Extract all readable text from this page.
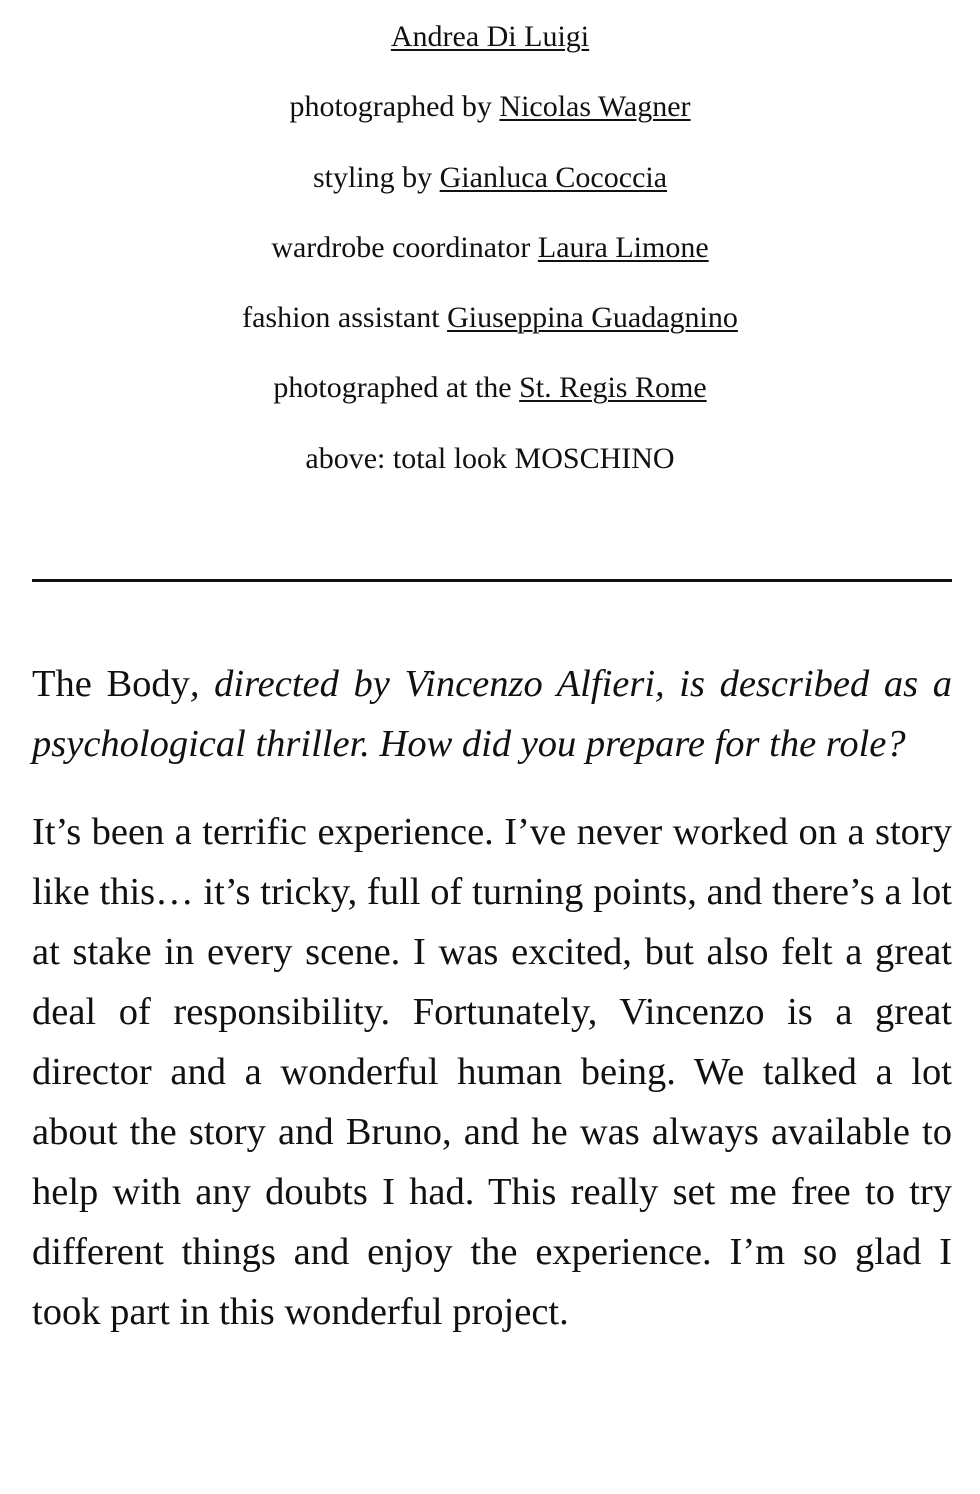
Andrea Di Luigi
photographed by Nicolas Wagner
styling by Gianluca Cococcia
wardrobe coordinator Laura Limone
fashion assistant Giuseppina Guadagnino
photographed at the St. Regis Rome
above: total look MOSCHINO

The Body, directed by Vincenzo Alfieri, is described as a psychological thriller. How did you prepare for the role?

It’s been a terrific experience. I’ve never worked on a story like this… it’s tricky, full of turning points, and there’s a lot at stake in every scene. I was excited, but also felt a great deal of responsibility. Fortunately, Vincenzo is a great director and a wonderful human being. We talked a lot about the story and Bruno, and he was always available to help with any doubts I had. This really set me free to try different things and enjoy the experience. I’m so glad I took part in this wonderful project.
